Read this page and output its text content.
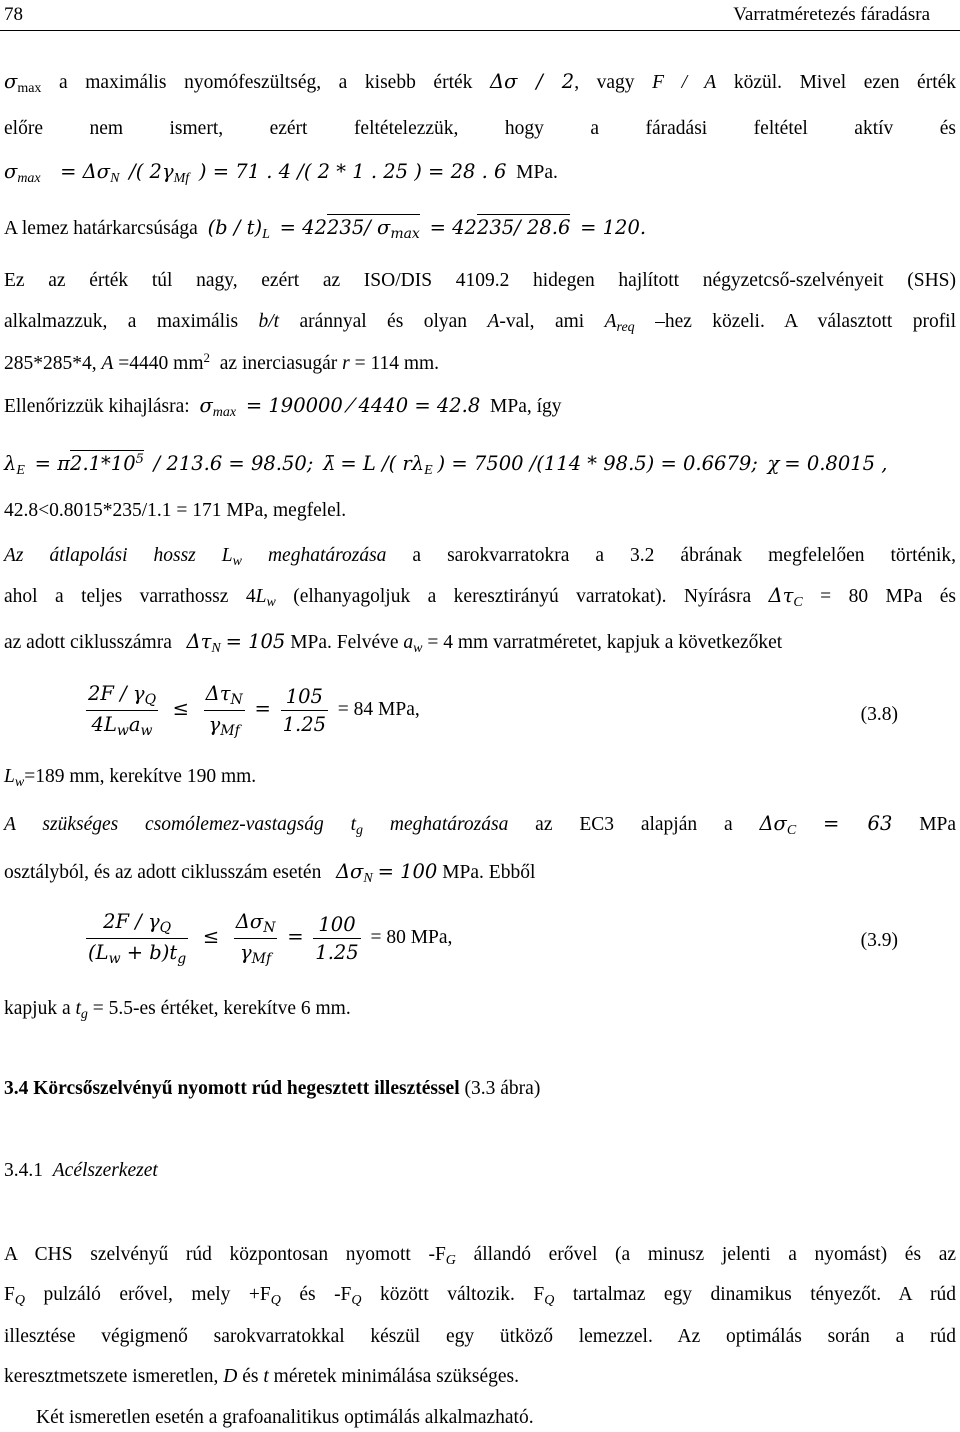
78	Varratméretezés fáradásra
$\sigma_{max}$ a maximális nyomófeszültség, a kisebb érték Δσ / 2, vagy F / A közül. Mivel ezen érték
előre nem ismert, ezért feltételezzük, hogy a fáradási feltétel aktív és
$\sigma_{max} = \Delta\sigma_N$ /( $2\gamma_{Mf}$ ) = 71 . 4 /( 2 * 1 . 25 ) = 28 . 6 MPa.
A lemez határkarcsúsága $(b / t)_L = 42235/$ $\sigma_{max} = 42235/$ 28.6 = 120.
Ez az érték túl nagy, ezért az ISO/DIS 4109.2 hidegen hajlított négyzetcső-szelvényeit (SHS)
alkalmazzuk, a maximális b/t aránnyal és olyan A-val, ami $A_{req}$ –hez közeli. A választott profil
285*285*4, A =4440 $mm^2$ az inerciasugár r = 114 mm.
Ellenőrizzük kihajlásra: $\sigma_{max} = 190000$ ⁄ 4440 = 42.8 MPa, így
$\lambda_E = \pi 2.1*10^5 / 213.6 = 98.50$; λ̄ = L /( $r\lambda_E$ ) = 7500 /(114 * 98.5) = 0.6679; χ = 0.8015 ,
42.8<0.8015*235/1.1 = 171 MPa, megfelel.
Az átlapolási hossz $L_w$ meghatározása a sarokvarratokra a 3.2 ábrának megfelelően történik,
ahol a teljes varrathossz $4L_w$ (elhanyagoljuk a keresztirányú varratokat). Nyírásra $\Delta\tau_C = 80$ MPa és
az adott ciklusszámra $\Delta\tau_N = 105$ MPa. Felvéve $a_w = 4$ mm varratméretet, kapjuk a következőket
$\frac{2F / \gamma_Q}{4L_wa_w} \le \frac{\Delta\tau_N}{\gamma_{Mf}} = \frac{105}{1.25} = 84$ MPa,	(3.8)
$L_w=189$ mm, kerekítve 190 mm.
A szükséges csomólemez-vastagság $t_g$ meghatározása az EC3 alapján a $\Delta\sigma_C = 63$ MPa
osztályból, és az adott ciklusszám esetén $\Delta\sigma_N = 100$ MPa. Ebből
$\frac{2F / \gamma_Q}{(L_w + b)t_g} \le \frac{\Delta\sigma_N}{\gamma_{Mf}} = \frac{100}{1.25} = 80$ MPa,	(3.9)
kapjuk a $t_g = 5.5-es$ értéket, kerekítve 6 mm.
3.4 Körcsőszelvényű nyomott rúd hegesztett illesztéssel (3.3 ábra)
3.4.1 Acélszerkezet
A CHS szelvényű rúd központosan nyomott $-F_G$ állandó erővel (a minusz jelenti a nyomást) és az
$F_Q$ pulzáló erővel, mely $+F_Q$ és $-F_Q$ között változik. $F_Q$ tartalmaz egy dinamikus tényezőt. A rúd
illesztése végigmenő sarokvarratokkal készül egy ütköző lemezzel. Az optimálás során a rúd
keresztmetszete ismeretlen, D és t méretek minimálása szükséges.
Két ismeretlen esetén a grafoanalitikus optimálás alkalmazható.
